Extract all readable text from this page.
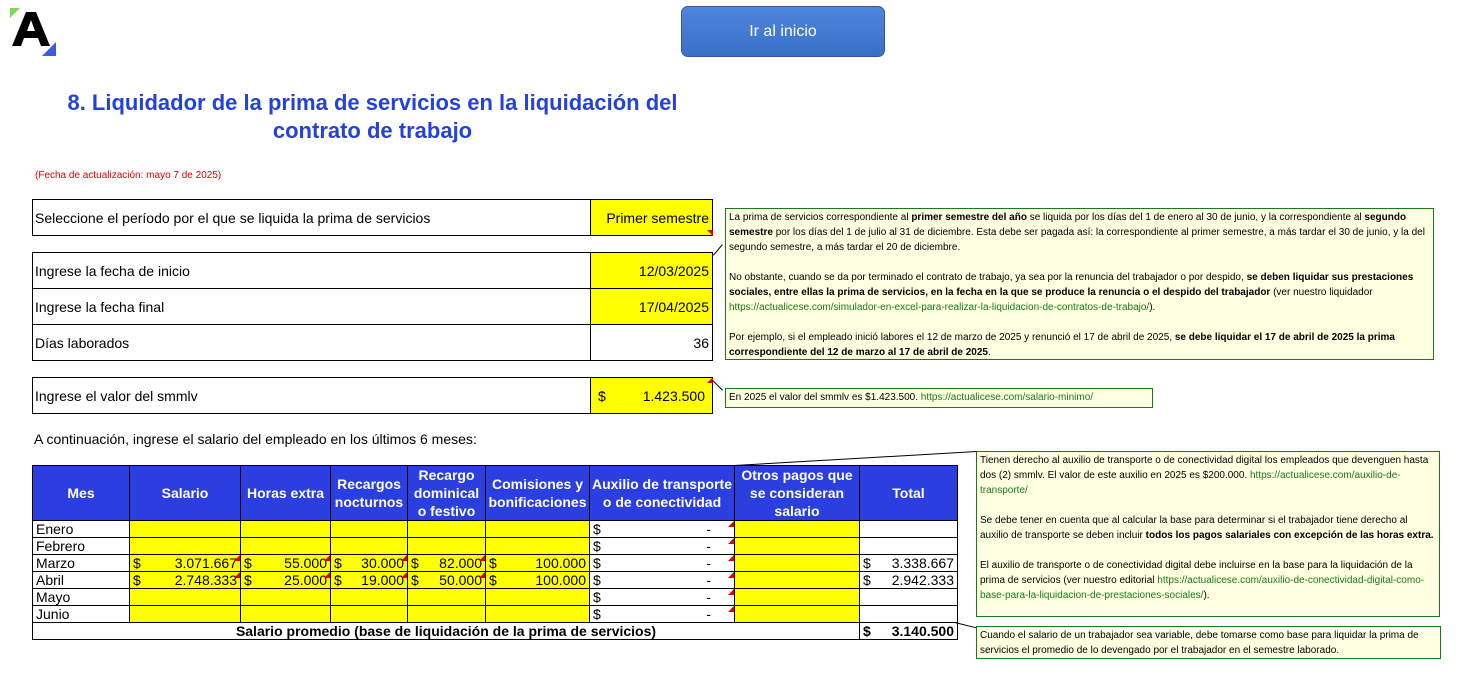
Ir al inicio
8. Liquidador de la prima de servicios en la liquidación del contrato de trabajo
(Fecha de actualización: mayo 7 de 2025)
Seleccione el período por el que se liquida la prima de servicios	Primer semestre
Ingrese la fecha de inicio	12/03/2025
Ingrese la fecha final	17/04/2025
Días laborados	36
Ingrese el valor del smmlv	$	1.423.500
A continuación, ingrese el salario del empleado en los últimos 6 meses:
Mes	Salario	Horas extra	Recargos nocturnos	Recargo dominical o festivo	Comisiones y bonificaciones	Auxilio de transporte o de conectividad	Otros pagos que se consideran salario	Total
Enero						$ -		

Febrero						$ -		

Marzo	$ 3.071.667	$ 55.000	$ 30.000	$ 82.000	$ 100.000	$ -		$ 3.338.667

Abril	$ 2.748.333	$ 25.000	$ 19.000	$ 50.000	$ 100.000	$ -		$ 2.942.333

Mayo						$ -		

Junio						$ -		

Salario promedio (base de liquidación de la prima de servicios)								$ 3.140.500
La prima de servicios correspondiente al primer semestre del año se liquida por los días del 1 de enero al 30 de junio, y la correspondiente al segundo semestre por los días del 1 de julio al 31 de diciembre. Esta debe ser pagada así: la correspondiente al primer semestre, a más tardar el 30 de junio, y la del segundo semestre, a más tardar el 20 de diciembre.
No obstante, cuando se da por terminado el contrato de trabajo, ya sea por la renuncia del trabajador o por despido, se deben liquidar sus prestaciones sociales, entre ellas la prima de servicios, en la fecha en la que se produce la renuncia o el despido del trabajador (ver nuestro liquidador https://actualicese.com/simulador-en-excel-para-realizar-la-liquidacion-de-contratos-de-trabajo/).
Por ejemplo, si el empleado inició labores el 12 de marzo de 2025 y renunció el 17 de abril de 2025, se debe liquidar el 17 de abril de 2025 la prima correspondiente del 12 de marzo al 17 de abril de 2025.
En 2025 el valor del smmlv es $1.423.500. https://actualicese.com/salario-minimo/
Tienen derecho al auxilio de transporte o de conectividad digital los empleados que devenguen hasta dos (2) smmlv. El valor de este auxilio en 2025 es $200.000. https://actualicese.com/auxilio-de-transporte/
Se debe tener en cuenta que al calcular la base para determinar si el trabajador tiene derecho al auxilio de transporte se deben incluir todos los pagos salariales con excepción de las horas extra.
El auxilio de transporte o de conectividad digital debe incluirse en la base para la liquidación de la prima de servicios (ver nuestro editorial https://actualicese.com/auxilio-de-conectividad-digital-como-base-para-la-liquidacion-de-prestaciones-sociales/).
Cuando el salario de un trabajador sea variable, debe tomarse como base para liquidar la prima de servicios el promedio de lo devengado por el trabajador en el semestre laborado.
